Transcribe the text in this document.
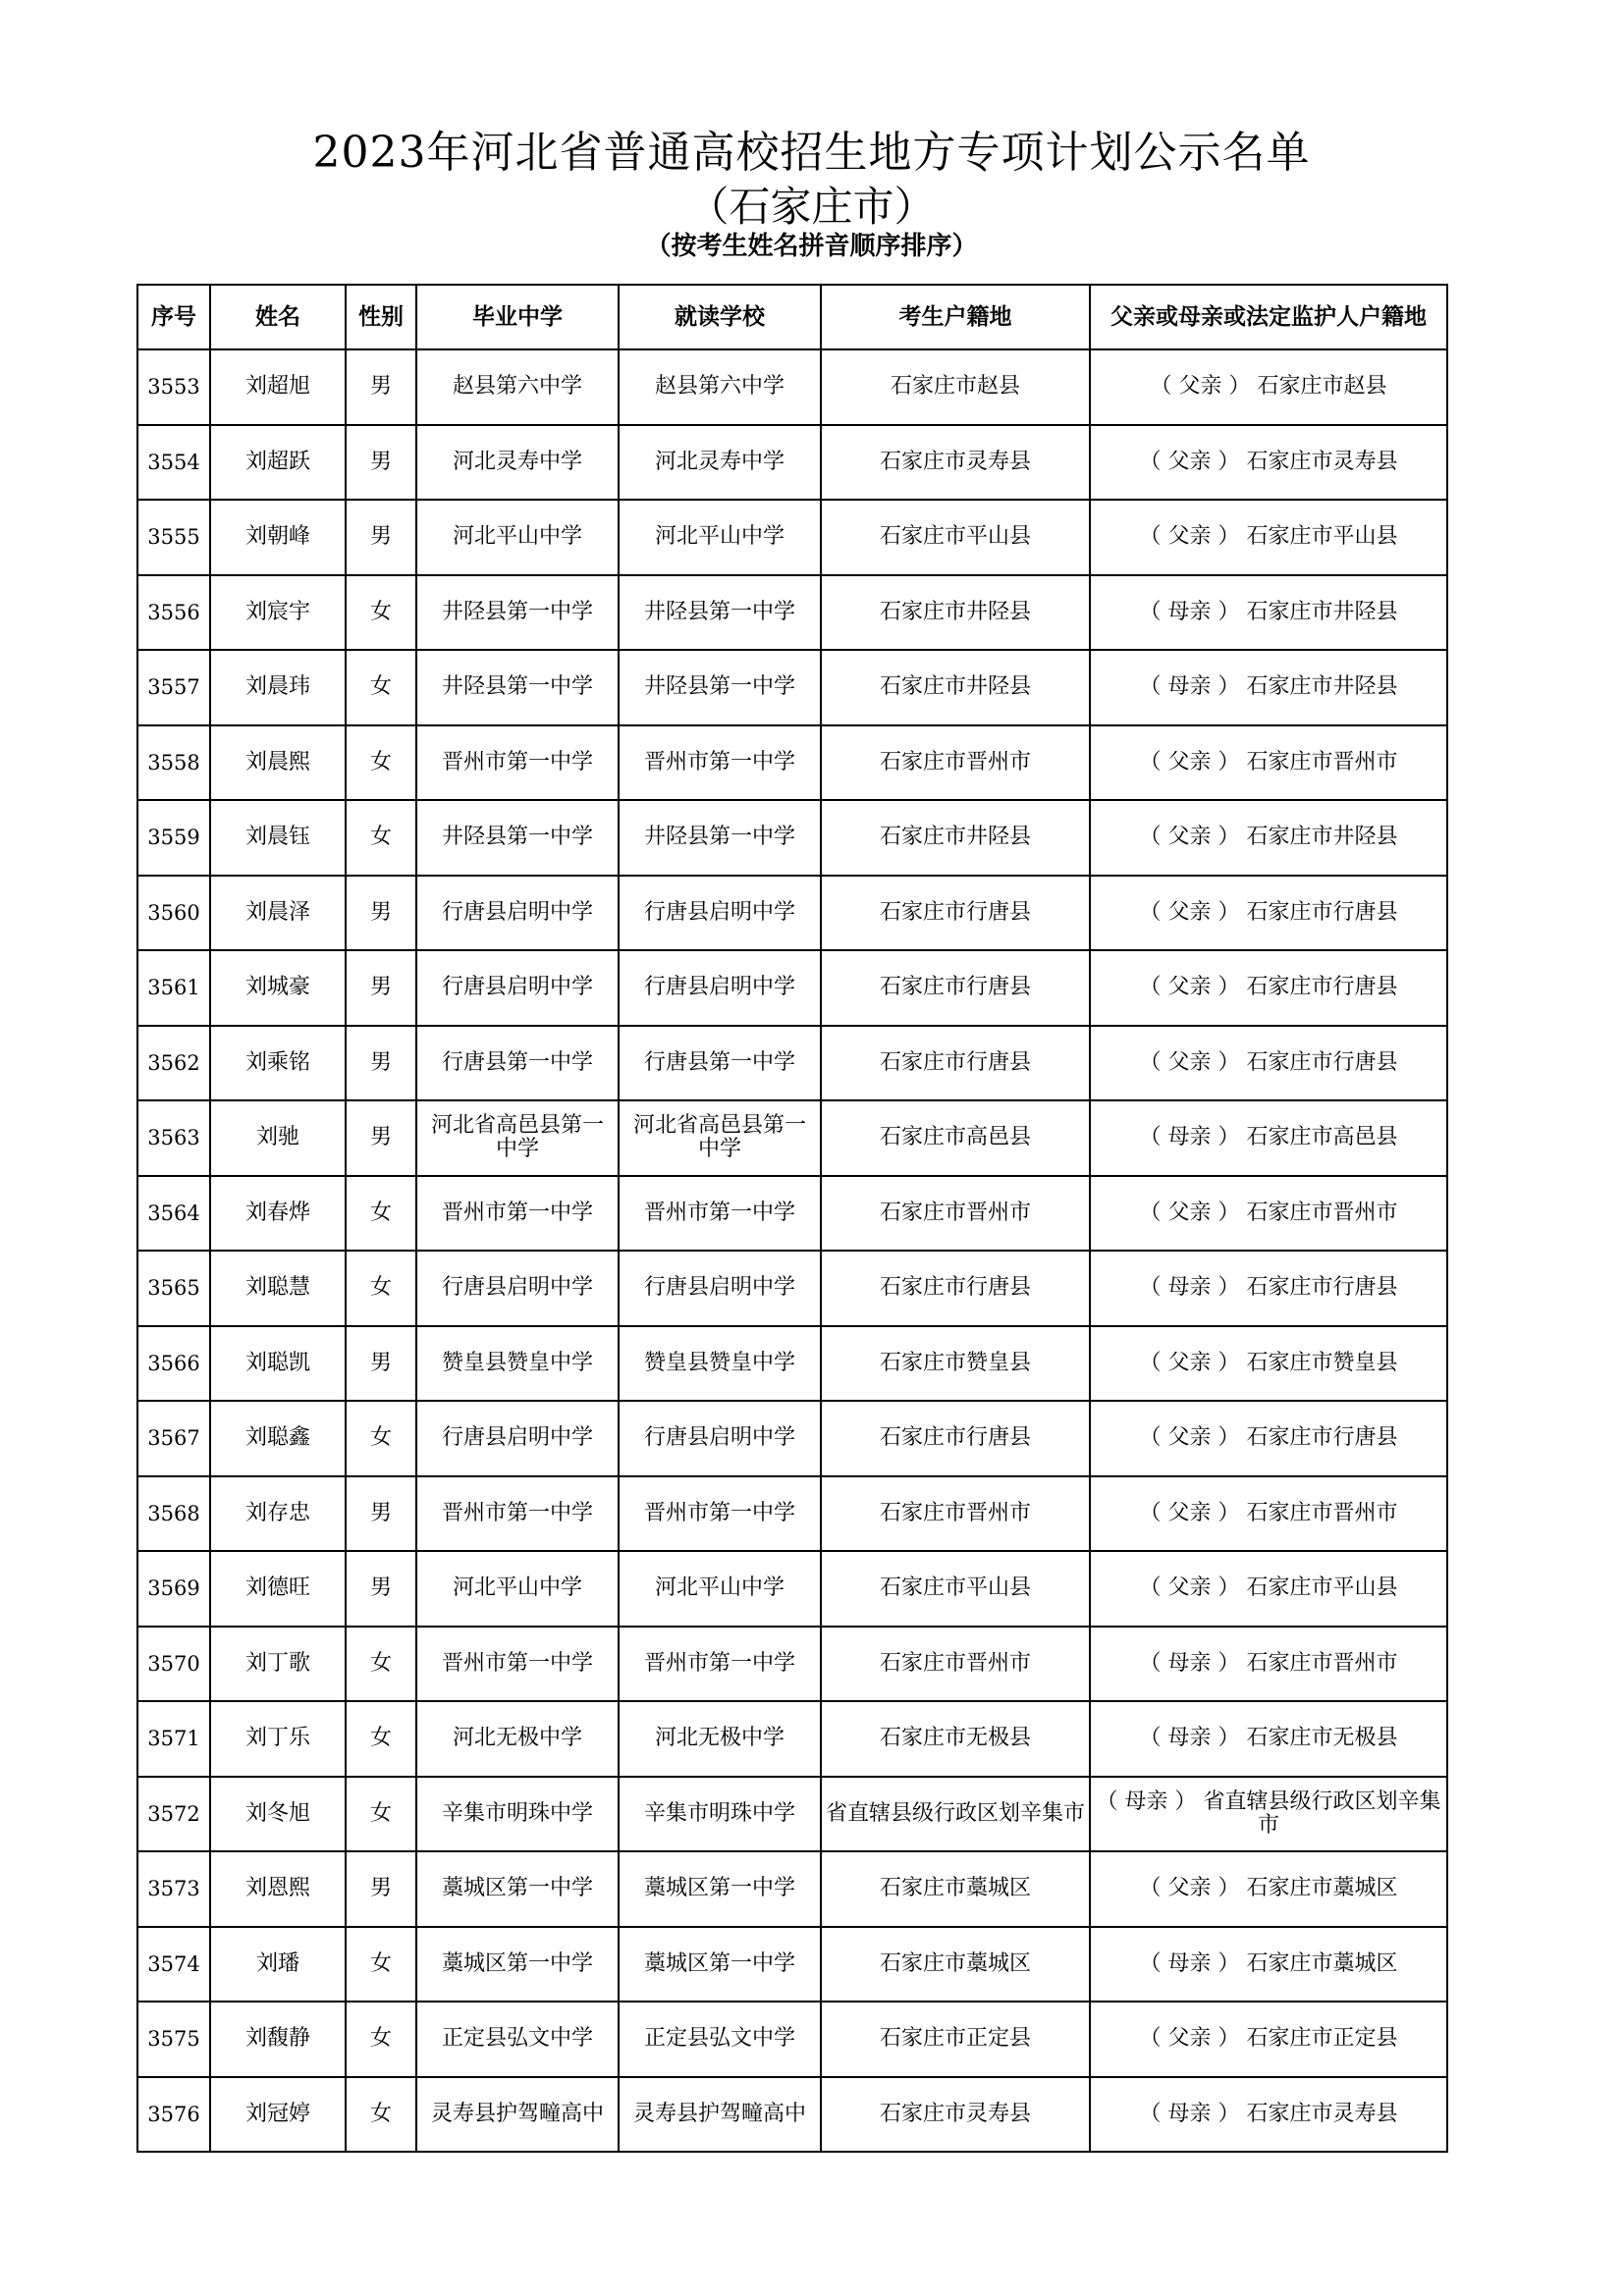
2023年河北省普通高校招生地方专项计划公示名单
（石家庄市）
（按考生姓名拼音顺序排序）
序号	姓名	性别	毕业中学	就读学校	考生户籍地	父亲或母亲或法定监护人户籍地
3553	刘超旭	男	赵县第六中学	赵县第六中学	石家庄市赵县	（ 父亲 ） 石家庄市赵县
3554	刘超跃	男	河北灵寿中学	河北灵寿中学	石家庄市灵寿县	（ 父亲 ） 石家庄市灵寿县
3555	刘朝峰	男	河北平山中学	河北平山中学	石家庄市平山县	（ 父亲 ） 石家庄市平山县
3556	刘宸宇	女	井陉县第一中学	井陉县第一中学	石家庄市井陉县	（ 母亲 ） 石家庄市井陉县
3557	刘晨玮	女	井陉县第一中学	井陉县第一中学	石家庄市井陉县	（ 母亲 ） 石家庄市井陉县
3558	刘晨熙	女	晋州市第一中学	晋州市第一中学	石家庄市晋州市	（ 父亲 ） 石家庄市晋州市
3559	刘晨钰	女	井陉县第一中学	井陉县第一中学	石家庄市井陉县	（ 父亲 ） 石家庄市井陉县
3560	刘晨泽	男	行唐县启明中学	行唐县启明中学	石家庄市行唐县	（ 父亲 ） 石家庄市行唐县
3561	刘城豪	男	行唐县启明中学	行唐县启明中学	石家庄市行唐县	（ 父亲 ） 石家庄市行唐县
3562	刘乘铭	男	行唐县第一中学	行唐县第一中学	石家庄市行唐县	（ 父亲 ） 石家庄市行唐县
3563	刘驰	男	河北省高邑县第一中学	河北省高邑县第一中学	石家庄市高邑县	（ 母亲 ） 石家庄市高邑县
3564	刘春烨	女	晋州市第一中学	晋州市第一中学	石家庄市晋州市	（ 父亲 ） 石家庄市晋州市
3565	刘聪慧	女	行唐县启明中学	行唐县启明中学	石家庄市行唐县	（ 母亲 ） 石家庄市行唐县
3566	刘聪凯	男	赞皇县赞皇中学	赞皇县赞皇中学	石家庄市赞皇县	（ 父亲 ） 石家庄市赞皇县
3567	刘聪鑫	女	行唐县启明中学	行唐县启明中学	石家庄市行唐县	（ 父亲 ） 石家庄市行唐县
3568	刘存忠	男	晋州市第一中学	晋州市第一中学	石家庄市晋州市	（ 父亲 ） 石家庄市晋州市
3569	刘德旺	男	河北平山中学	河北平山中学	石家庄市平山县	（ 父亲 ） 石家庄市平山县
3570	刘丁歌	女	晋州市第一中学	晋州市第一中学	石家庄市晋州市	（ 母亲 ） 石家庄市晋州市
3571	刘丁乐	女	河北无极中学	河北无极中学	石家庄市无极县	（ 母亲 ） 石家庄市无极县
3572	刘冬旭	女	辛集市明珠中学	辛集市明珠中学	省直辖县级行政区划辛集市	（ 母亲 ） 省直辖县级行政区划辛集市
3573	刘恩熙	男	藁城区第一中学	藁城区第一中学	石家庄市藁城区	（ 父亲 ） 石家庄市藁城区
3574	刘璠	女	藁城区第一中学	藁城区第一中学	石家庄市藁城区	（ 母亲 ） 石家庄市藁城区
3575	刘馥静	女	正定县弘文中学	正定县弘文中学	石家庄市正定县	（ 父亲 ） 石家庄市正定县
3576	刘冠婷	女	灵寿县护驾疃高中	灵寿县护驾疃高中	石家庄市灵寿县	（ 母亲 ） 石家庄市灵寿县
